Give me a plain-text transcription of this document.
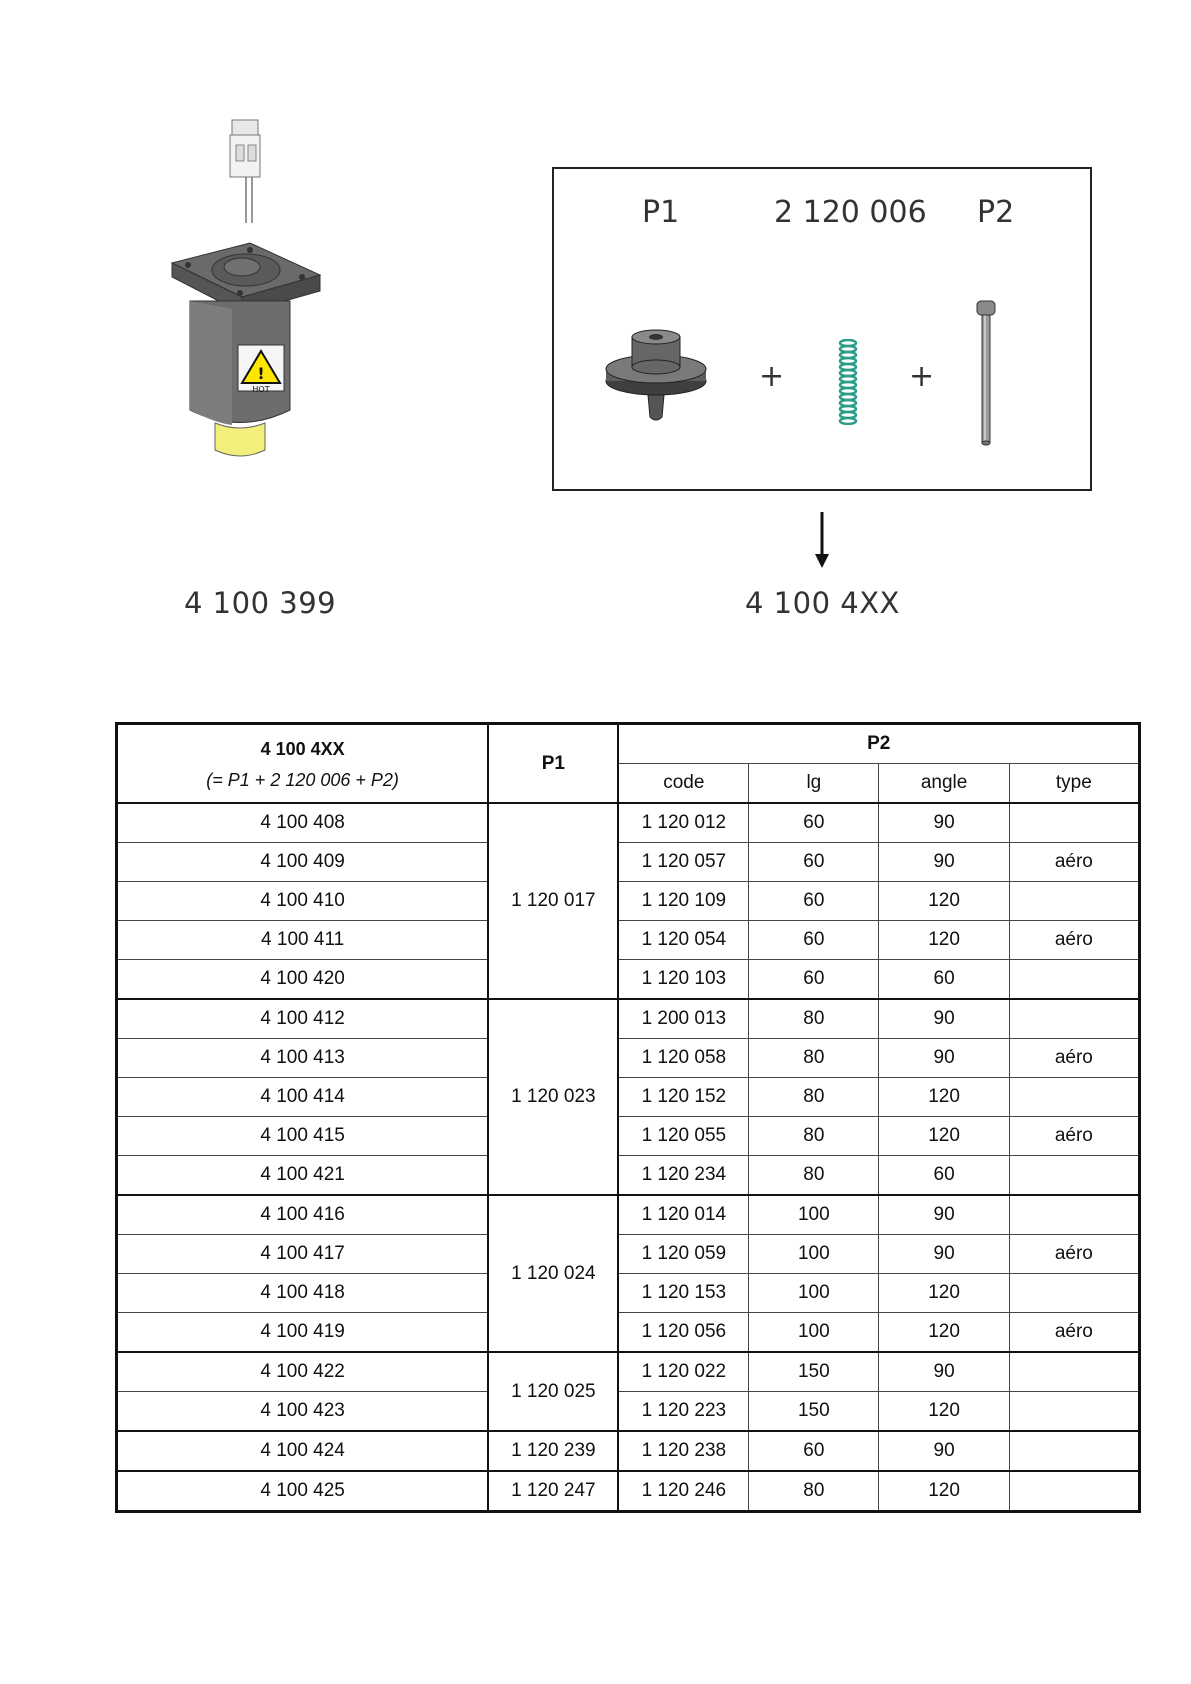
!
HOT
4 100 399
P1	2 120 006 P2
+	+
4 100 4XX
4 100 4XX
(= P1 + 2 120 006 + P2)	P1	P2			
		code	lg	angle	type
4 100 408	1 120 017	1 120 012	60	90	
4 100 409		1 120 057	60	90	aéro
4 100 410		1 120 109	60	120	
4 100 411		1 120 054	60	120	aéro
4 100 420		1 120 103	60	60	
4 100 412	1 120 023	1 200 013	80	90	
4 100 413		1 120 058	80	90	aéro
4 100 414		1 120 152	80	120	
4 100 415		1 120 055	80	120	aéro
4 100 421		1 120 234	80	60	
4 100 416	1 120 024	1 120 014	100	90	
4 100 417		1 120 059	100	90	aéro
4 100 418		1 120 153	100	120	
4 100 419		1 120 056	100	120	aéro
4 100 422	1 120 025	1 120 022	150	90	
4 100 423		1 120 223	150	120	
4 100 424	1 120 239	1 120 238	60	90	
4 100 425	1 120 247	1 120 246	80	120	
